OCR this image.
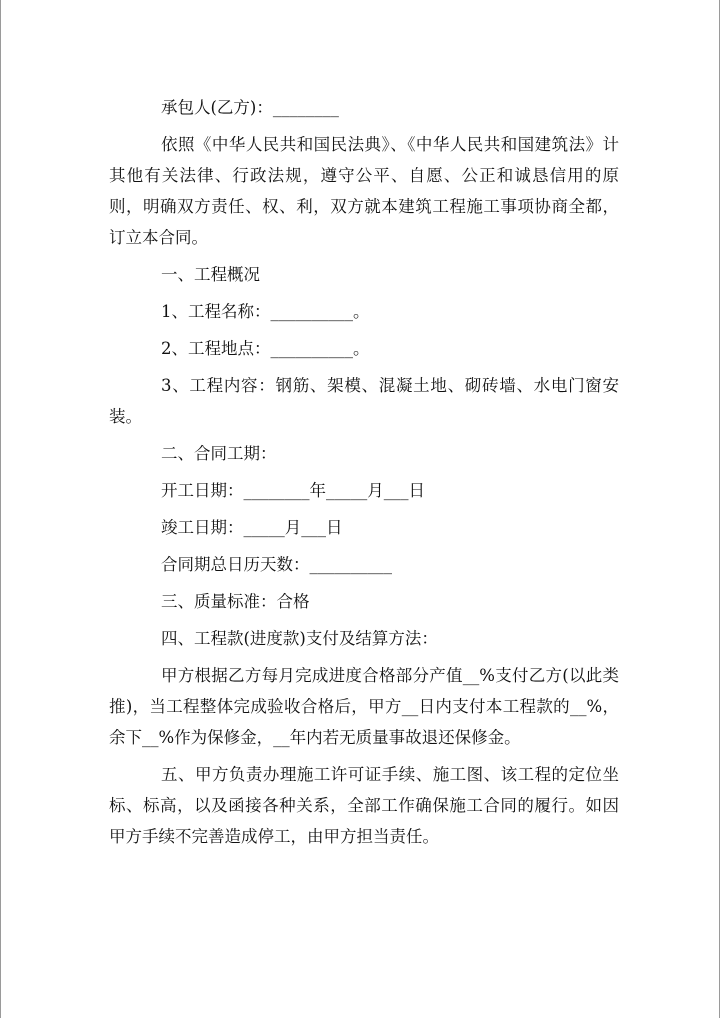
承包人(乙方)：________

依照《中华人民共和国民法典》、《中华人民共和国建筑法》计其他有关法律、行政法规，遵守公平、自愿、公正和诚恳信用的原则，明确双方责任、权、利，双方就本建筑工程施工事项协商全都，订立本合同。

一、工程概况

1、工程名称：__________。

2、工程地点：__________。

3、工程内容：钢筋、架模、混凝土地、砌砖墙、水电门窗安装。

二、合同工期：

开工日期：________年_____月___日

竣工日期：_____月___日

合同期总日历天数：__________

三、质量标准：合格

四、工程款(进度款)支付及结算方法：

甲方根据乙方每月完成进度合格部分产值__%支付乙方(以此类推)，当工程整体完成验收合格后，甲方__日内支付本工程款的__%，余下__%作为保修金，__年内若无质量事故退还保修金。

五、甲方负责办理施工许可证手续、施工图、该工程的定位坐标、标高，以及函接各种关系，全部工作确保施工合同的履行。如因甲方手续不完善造成停工，由甲方担当责任。
